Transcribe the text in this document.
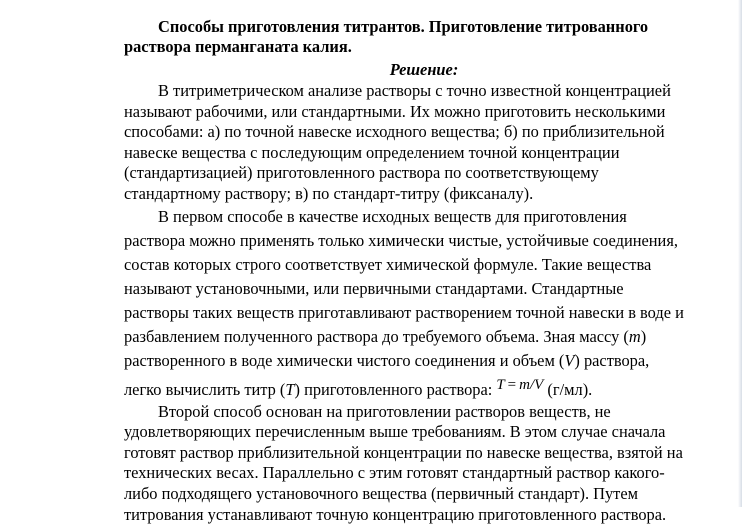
Способы приготовления титрантов. Приготовление титрованного раствора перманганата калия.

Решение:

В титриметрическом анализе растворы с точно известной концентрацией называют рабочими, или стандартными. Их можно приготовить несколькими способами: а) по точной навеске исходного вещества; б) по приблизительной навеске вещества с последующим определением точной концентрации (стандартизацией) приготовленного раствора по соответствующему стандартному раствору; в) по стандарт-титру (фиксаналу).

В первом способе в качестве исходных веществ для приготовления раствора можно применять только химически чистые, устойчивые соединения, состав которых строго соответствует химической формуле. Такие вещества называют установочными, или первичными стандартами. Стандартные растворы таких веществ приготавливают растворением точной навески в воде и разбавлением полученного раствора до требуемого объема. Зная массу (m) растворенного в воде химически чистого соединения и объем (V) раствора, легко вычислить титр (T) приготовленного раствора: T = m/V (г/мл).

Второй способ основан на приготовлении растворов веществ, не удовлетворяющих перечисленным выше требованиям. В этом случае сначала готовят раствор приблизительной концентрации по навеске вещества, взятой на технических весах. Параллельно с этим готовят стандартный раствор какого-либо подходящего установочного вещества (первичный стандарт). Путем титрования устанавливают точную концентрацию приготовленного раствора.
